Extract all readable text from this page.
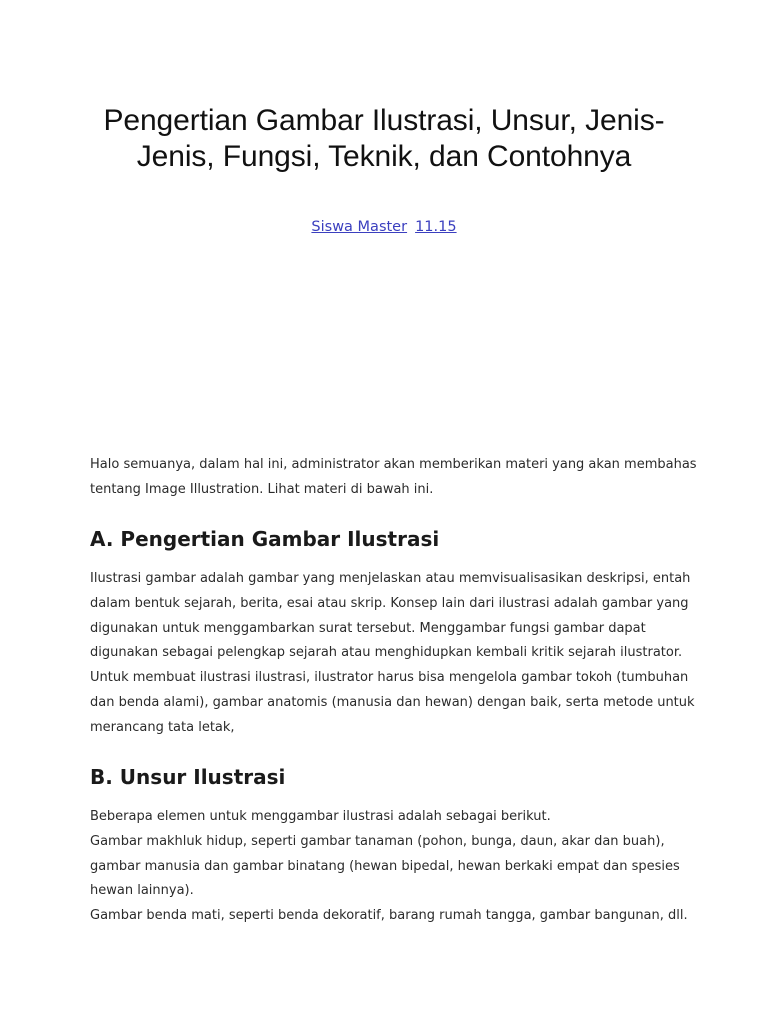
Pengertian Gambar Ilustrasi, Unsur, Jenis-Jenis, Fungsi, Teknik, dan Contohnya
Siswa Master 11.15

Halo semuanya, dalam hal ini, administrator akan memberikan materi yang akan membahas
tentang Image Illustration. Lihat materi di bawah ini.

A. Pengertian Gambar Ilustrasi

Ilustrasi gambar adalah gambar yang menjelaskan atau memvisualisasikan deskripsi, entah
dalam bentuk sejarah, berita, esai atau skrip. Konsep lain dari ilustrasi adalah gambar yang
digunakan untuk menggambarkan surat tersebut. Menggambar fungsi gambar dapat
digunakan sebagai pelengkap sejarah atau menghidupkan kembali kritik sejarah ilustrator.
Untuk membuat ilustrasi ilustrasi, ilustrator harus bisa mengelola gambar tokoh (tumbuhan
dan benda alami), gambar anatomis (manusia dan hewan) dengan baik, serta metode untuk
merancang tata letak,

B. Unsur Ilustrasi

Beberapa elemen untuk menggambar ilustrasi adalah sebagai berikut.
Gambar makhluk hidup, seperti gambar tanaman (pohon, bunga, daun, akar dan buah),
gambar manusia dan gambar binatang (hewan bipedal, hewan berkaki empat dan spesies
hewan lainnya).
Gambar benda mati, seperti benda dekoratif, barang rumah tangga, gambar bangunan, dll.
